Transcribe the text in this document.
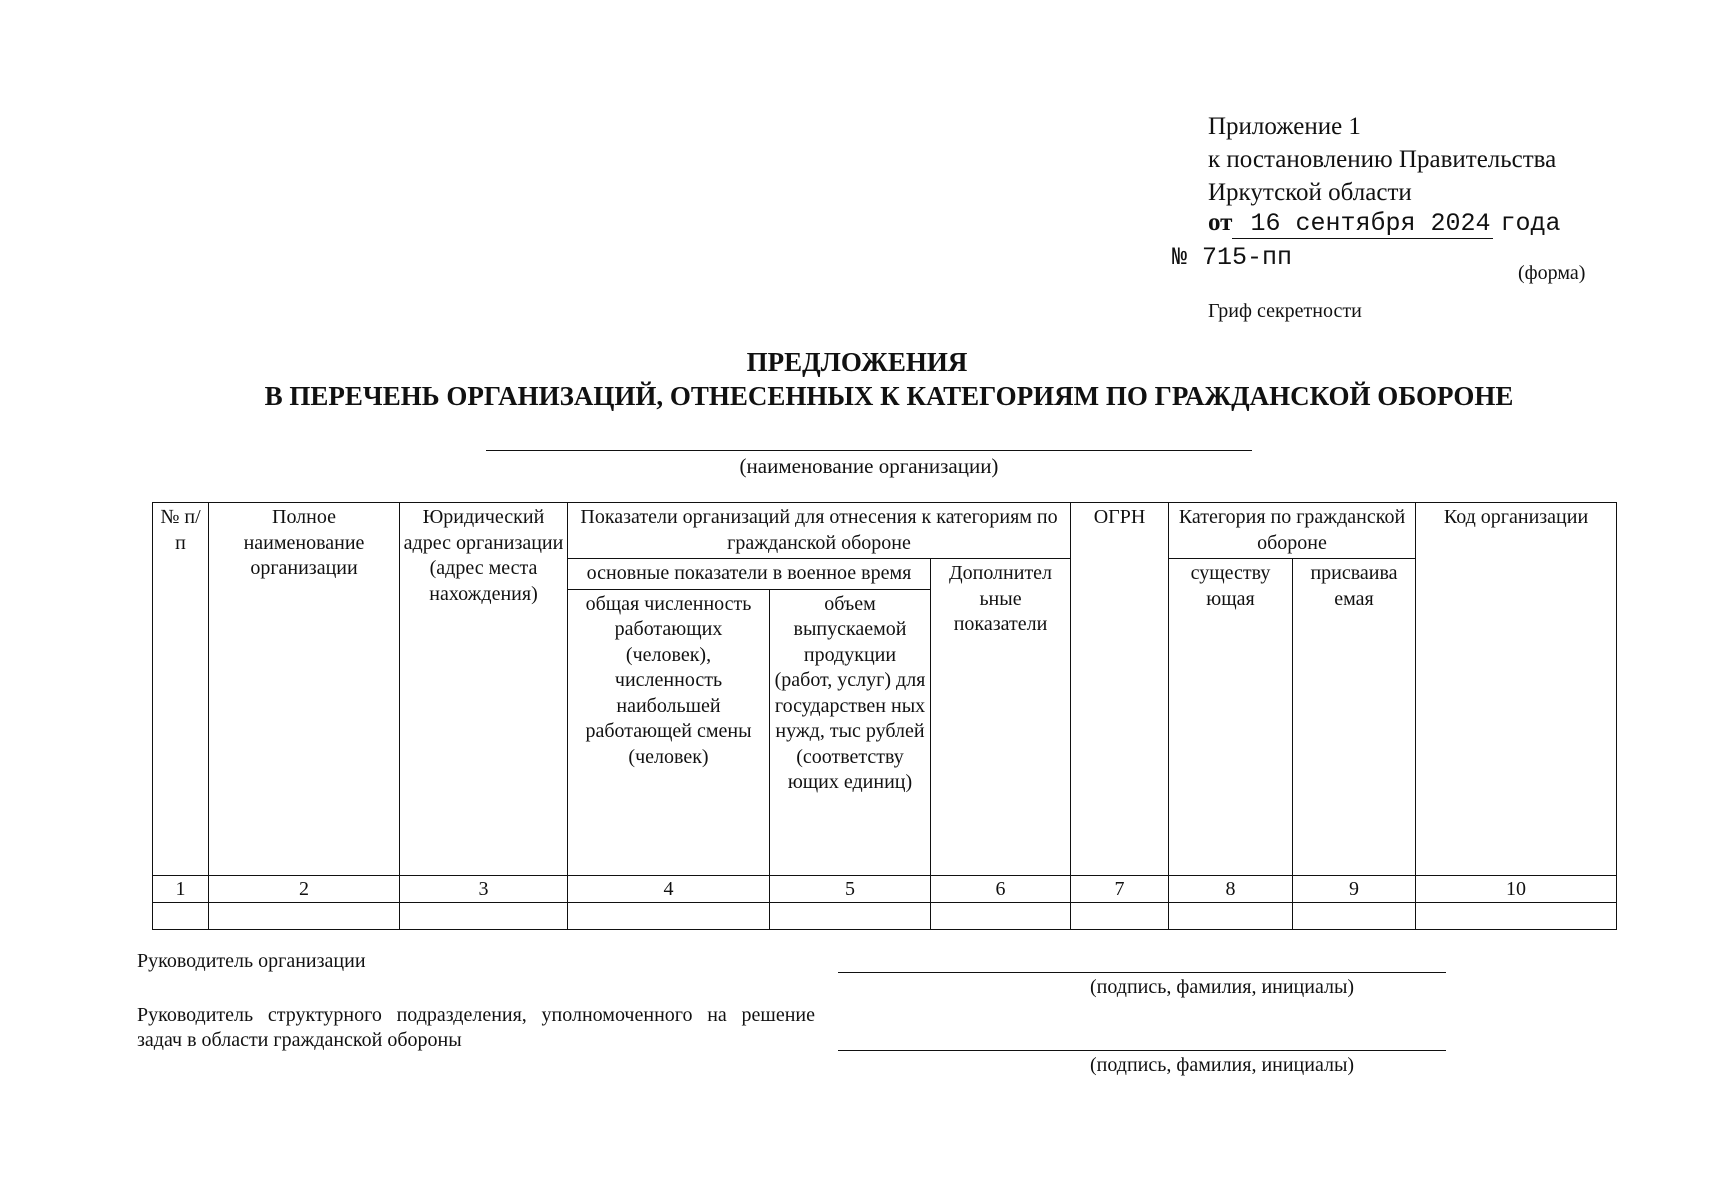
Приложение 1
к постановлению Правительства
Иркутской области
от 16 сентября 2024 года
№ 715-пп
(форма)
Гриф секретности
ПРЕДЛОЖЕНИЯ
В ПЕРЕЧЕНЬ ОРГАНИЗАЦИЙ, ОТНЕСЕННЫХ К КАТЕГОРИЯМ ПО ГРАЖДАНСКОЙ ОБОРОНЕ
(наименование организации)
№ п/п	Полное наименование организации	Юридический адрес организации (адрес места нахождения)	Показатели организаций для отнесения к категориям по гражданской обороне			ОГРН	Категория по гражданской обороне		Код организации
			основные показатели в военное время		Дополнител ьные показатели		существу ющая	присваива емая	
			общая численность работающих (человек), численность наибольшей работающей смены (человек)	объем выпускаемой продукции (работ, услуг) для государствен ных нужд, тыс рублей (соответству ющих единиц)					
1	2	3	4	5	6	7	8	9	10

Руководитель организации
(подпись, фамилия, инициалы)
Руководитель структурного подразделения, уполномоченного на решение задач в области гражданской обороны
(подпись, фамилия, инициалы)
